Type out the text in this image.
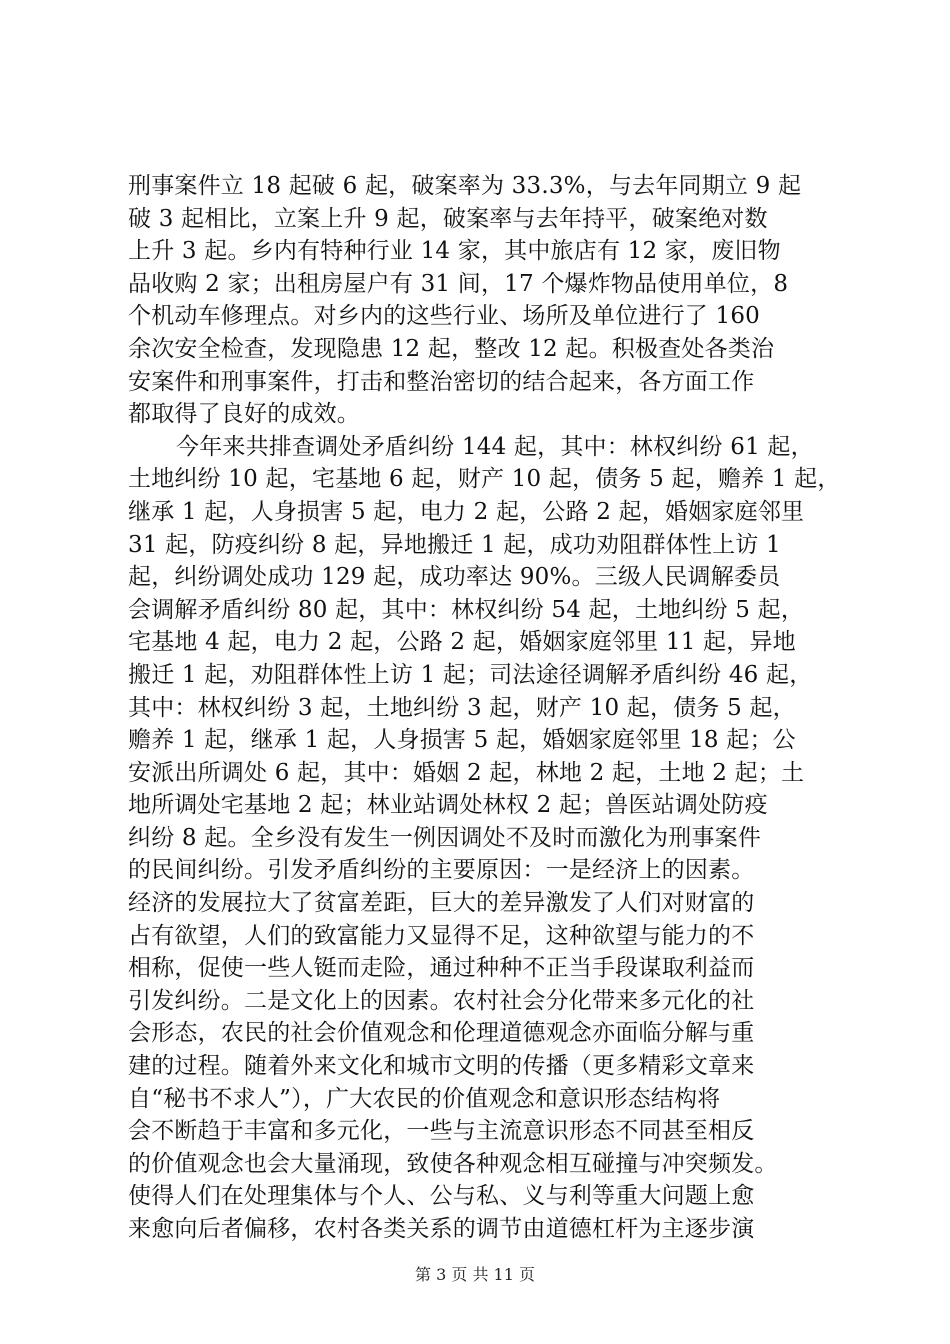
刑事案件立 18 起破 6 起，破案率为 33.3%，与去年同期立 9 起
破 3 起相比，立案上升 9 起，破案率与去年持平，破案绝对数
上升 3 起。乡内有特种行业 14 家，其中旅店有 12 家，废旧物
品收购 2 家；出租房屋户有 31 间，17 个爆炸物品使用单位，8
个机动车修理点。对乡内的这些行业、场所及单位进行了 160
余次安全检查，发现隐患 12 起，整改 12 起。积极查处各类治
安案件和刑事案件，打击和整治密切的结合起来，各方面工作
都取得了良好的成效。
今年来共排查调处矛盾纠纷 144 起，其中：林权纠纷 61 起，
土地纠纷 10 起，宅基地 6 起，财产 10 起，债务 5 起，赡养 1 起，
继承 1 起，人身损害 5 起，电力 2 起，公路 2 起，婚姻家庭邻里
31 起，防疫纠纷 8 起，异地搬迁 1 起，成功劝阻群体性上访 1
起，纠纷调处成功 129 起，成功率达 90%。三级人民调解委员
会调解矛盾纠纷 80 起，其中：林权纠纷 54 起，土地纠纷 5 起，
宅基地 4 起，电力 2 起，公路 2 起，婚姻家庭邻里 11 起，异地
搬迁 1 起，劝阻群体性上访 1 起；司法途径调解矛盾纠纷 46 起，
其中：林权纠纷 3 起，土地纠纷 3 起，财产 10 起，债务 5 起，
赡养 1 起，继承 1 起，人身损害 5 起，婚姻家庭邻里 18 起；公
安派出所调处 6 起，其中：婚姻 2 起，林地 2 起，土地 2 起；土
地所调处宅基地 2 起；林业站调处林权 2 起；兽医站调处防疫
纠纷 8 起。全乡没有发生一例因调处不及时而激化为刑事案件
的民间纠纷。引发矛盾纠纷的主要原因：一是经济上的因素。
经济的发展拉大了贫富差距，巨大的差异激发了人们对财富的
占有欲望，人们的致富能力又显得不足，这种欲望与能力的不
相称，促使一些人铤而走险，通过种种不正当手段谋取利益而
引发纠纷。二是文化上的因素。农村社会分化带来多元化的社
会形态，农民的社会价值观念和伦理道德观念亦面临分解与重
建的过程。随着外来文化和城市文明的传播（更多精彩文章来
自“秘书不求人”），广大农民的价值观念和意识形态结构将
会不断趋于丰富和多元化，一些与主流意识形态不同甚至相反
的价值观念也会大量涌现，致使各种观念相互碰撞与冲突频发。
使得人们在处理集体与个人、公与私、义与利等重大问题上愈
来愈向后者偏移，农村各类关系的调节由道德杠杆为主逐步演
第 3 页 共 11 页
